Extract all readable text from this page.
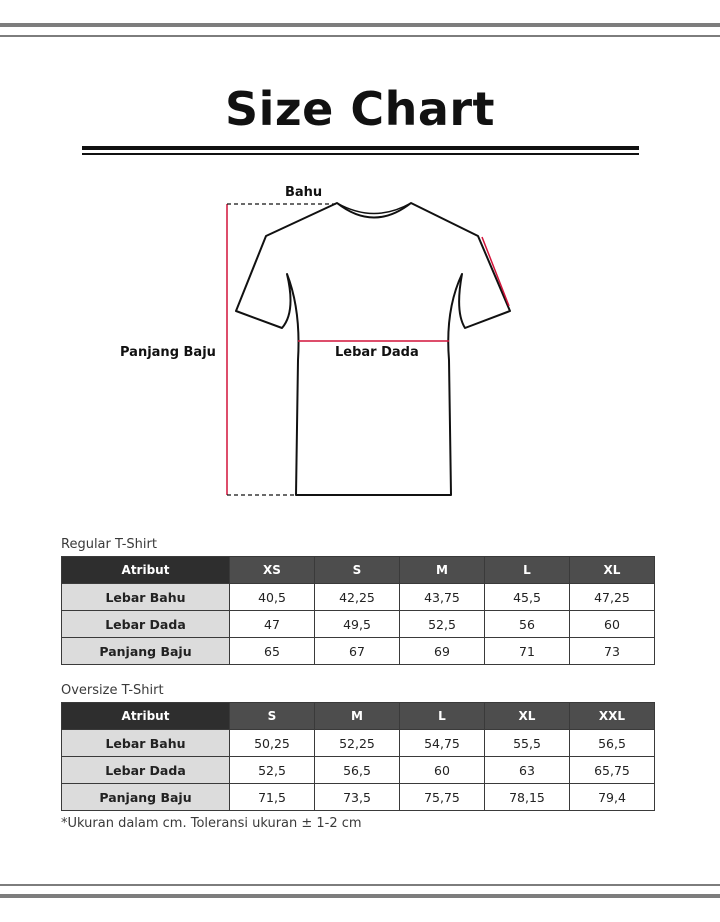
Size Chart
Bahu
Panjang Baju	Lebar Dada
Regular T-Shirt
Atribut	XS	S	M	L	XL
Lebar Bahu	40,5	42,25	43,75	45,5	47,25
Lebar Dada	47	49,5	52,5	56	60
Panjang Baju	65	67	69	71	73
Oversize T-Shirt
Atribut	S	M	L	XL	XXL
Lebar Bahu	50,25	52,25	54,75	55,5	56,5
Lebar Dada	52,5	56,5	60	63	65,75
Panjang Baju	71,5	73,5	75,75	78,15	79,4
*Ukuran dalam cm. Toleransi ukuran ± 1-2 cm
